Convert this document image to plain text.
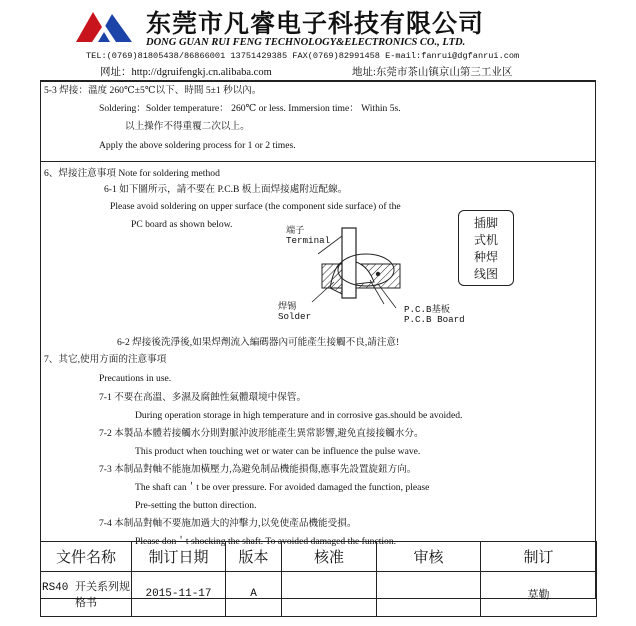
东莞市凡睿电子科技有限公司
DONG GUAN RUI FENG TECHNOLOGY&ELECTRONICS CO., LTD.
TEL:(0769)81805438/86866001 13751429385 FAX(0769)82991458 E-mail:fanrui@dgfanrui.com
网址：http://dgruifengkj.cn.alibaba.com	地址:东莞市茶山镇京山第三工业区
5-3 焊接：溫度 260℃±5℃以下、時間 5±1 秒以內。
Soldering：Solder temperature： 260℃ or less. Immersion time： Within 5s.
以上操作不得重覆二次以上。
Apply the above soldering process for 1 or 2 times.
6、焊接注意事項 Note for soldering method
6-1 如下圖所示，請不要在 P.C.B 板上面焊接處附近配線。
Please avoid soldering on upper surface (the component side surface) of the
PC board as shown below.
6-2 焊接後洗淨後,如果焊劑流入編碼器內可能產生接觸不良,請注意!
7、其它,使用方面的注意事項
Precautions in use.
7-1 不要在高溫、多濕及腐蝕性氣體環境中保管。
During operation storage in high temperature and in corrosive gas.should be avoided.
7-2 本製品本體若接觸水分則對脈沖波形能產生異常影響,避免直接接觸水分。
This product when touching wet or water can be influence the pulse wave.
7-3 本制品對軸不能施加橫壓力,為避免制品機能損傷,應事先設置旋鈕方向。
The shaft can＇t be over pressure. For avoided damaged the function, please
Pre-setting the button direction.
7-4 本制品對軸不要施加過大的沖擊力,以免使產品機能受損。
Please don＇t shocking the shaft. To avoided damaged the function.
端子
Terminal
焊锡
Solder
P.C.B基板
P.C.B Board
插脚
式机
种焊
线图
文件名称	制订日期	版本	核准	审核	制订
RS40 开关系列规格书	2015-11-17	A			莫勤
